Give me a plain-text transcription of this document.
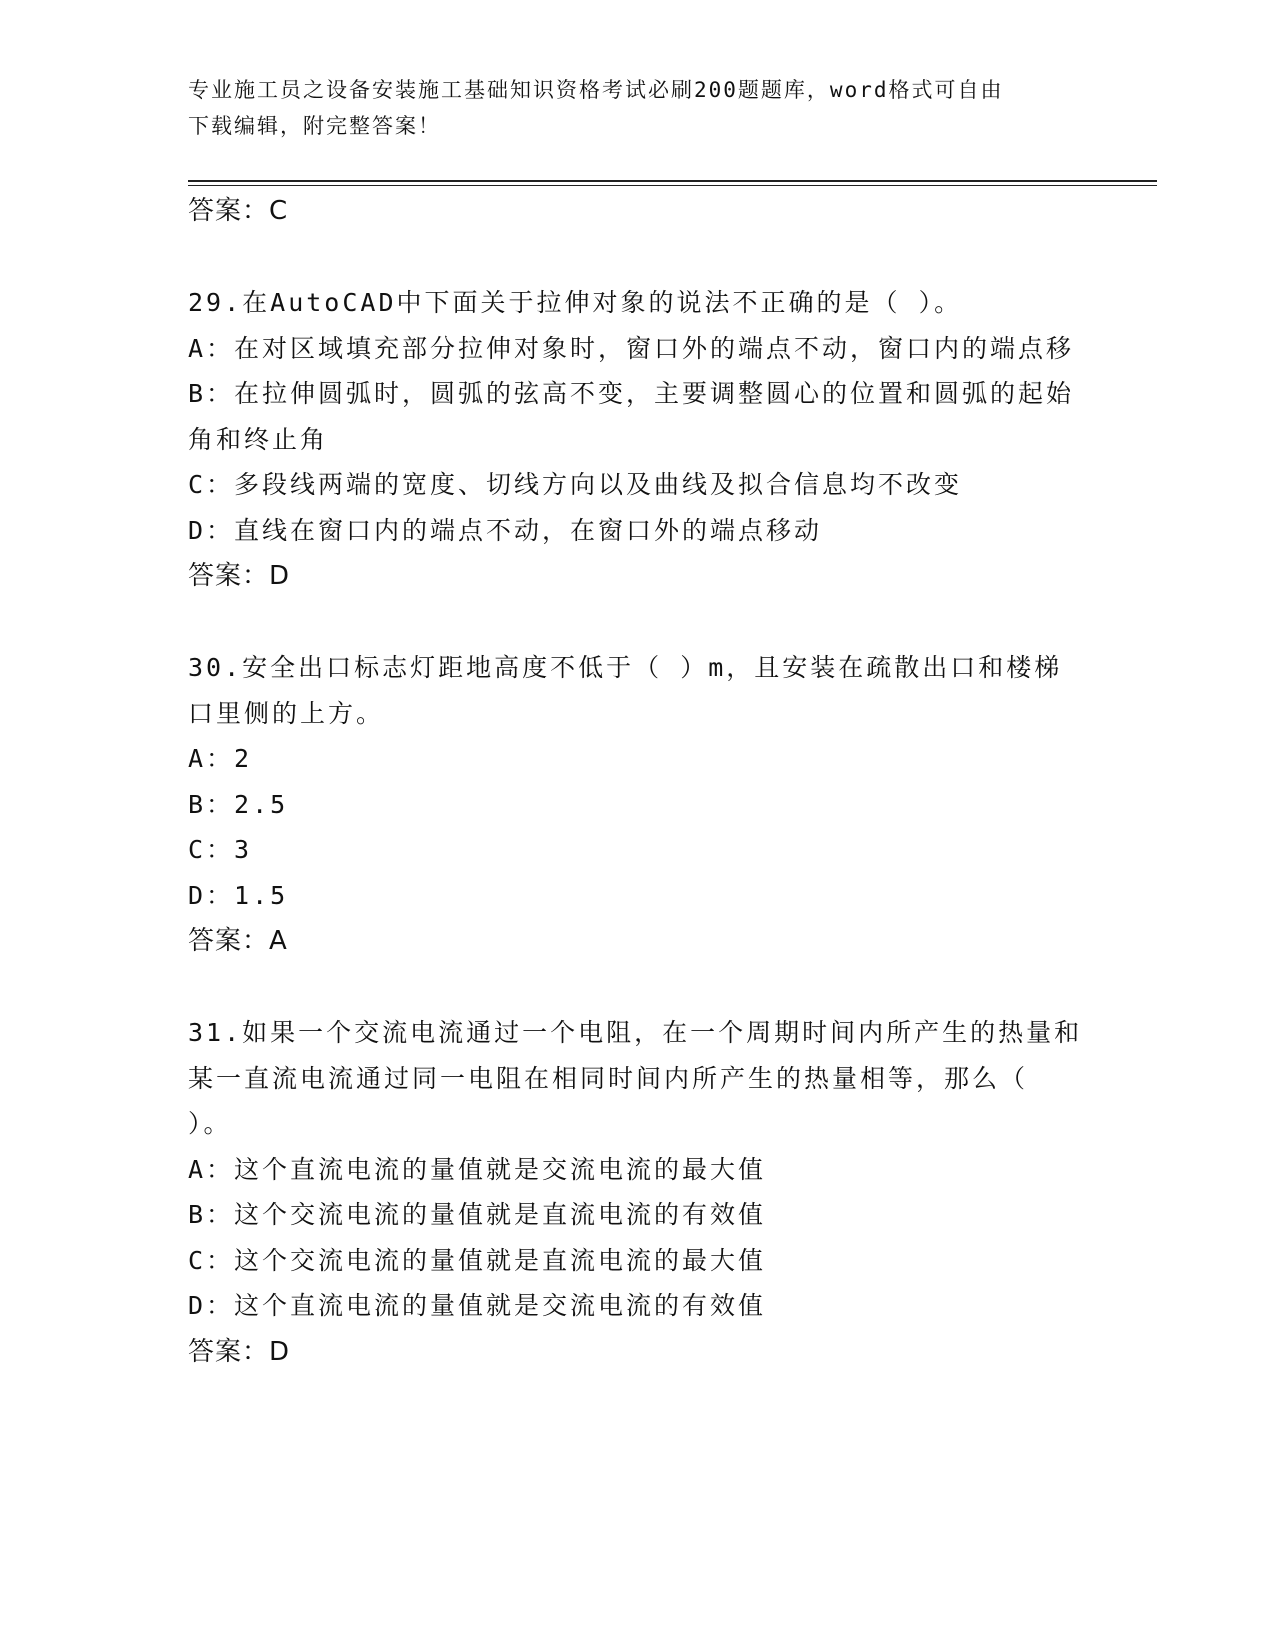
专业施工员之设备安装施工基础知识资格考试必刷200题题库，word格式可自由
下载编辑，附完整答案！
答案：C
29.在AutoCAD中下面关于拉伸对象的说法不正确的是（ ）。
A：在对区域填充部分拉伸对象时，窗口外的端点不动，窗口内的端点移
B：在拉伸圆弧时，圆弧的弦高不变，主要调整圆心的位置和圆弧的起始角和终止角
C：多段线两端的宽度、切线方向以及曲线及拟合信息均不改变
D：直线在窗口内的端点不动，在窗口外的端点移动
答案：D
30.安全出口标志灯距地高度不低于（ ）m，且安装在疏散出口和楼梯口里侧的上方。
A：2
B：2.5
C：3
D：1.5
答案：A
31.如果一个交流电流通过一个电阻，在一个周期时间内所产生的热量和某一直流电流通过同一电阻在相同时间内所产生的热量相等，那么（ ）。
A：这个直流电流的量值就是交流电流的最大值
B：这个交流电流的量值就是直流电流的有效值
C：这个交流电流的量值就是直流电流的最大值
D：这个直流电流的量值就是交流电流的有效值
答案：D
